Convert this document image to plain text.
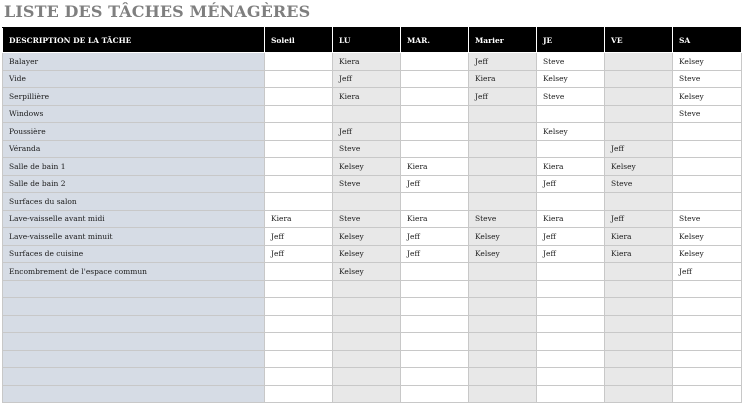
LISTE DES TÂCHES MÉNAGÈRES
DESCRIPTION DE LA TÂCHE	Soleil	LU	MAR.	Marier	JE	VE	SA
Balayer		Kiera		Jeff	Steve		Kelsey
Vide		Jeff		Kiera	Kelsey		Steve
Serpillière		Kiera		Jeff	Steve		Kelsey
Windows							Steve
Poussière		Jeff			Kelsey		
Véranda		Steve				Jeff	
Salle de bain 1		Kelsey	Kiera		Kiera	Kelsey	
Salle de bain 2		Steve	Jeff		Jeff	Steve	
Surfaces du salon							
Lave-vaisselle avant midi	Kiera	Steve	Kiera	Steve	Kiera	Jeff	Steve
Lave-vaisselle avant minuit	Jeff	Kelsey	Jeff	Kelsey	Jeff	Kiera	Kelsey
Surfaces de cuisine	Jeff	Kelsey	Jeff	Kelsey	Jeff	Kiera	Kelsey
Encombrement de l'espace commun		Kelsey					Jeff
